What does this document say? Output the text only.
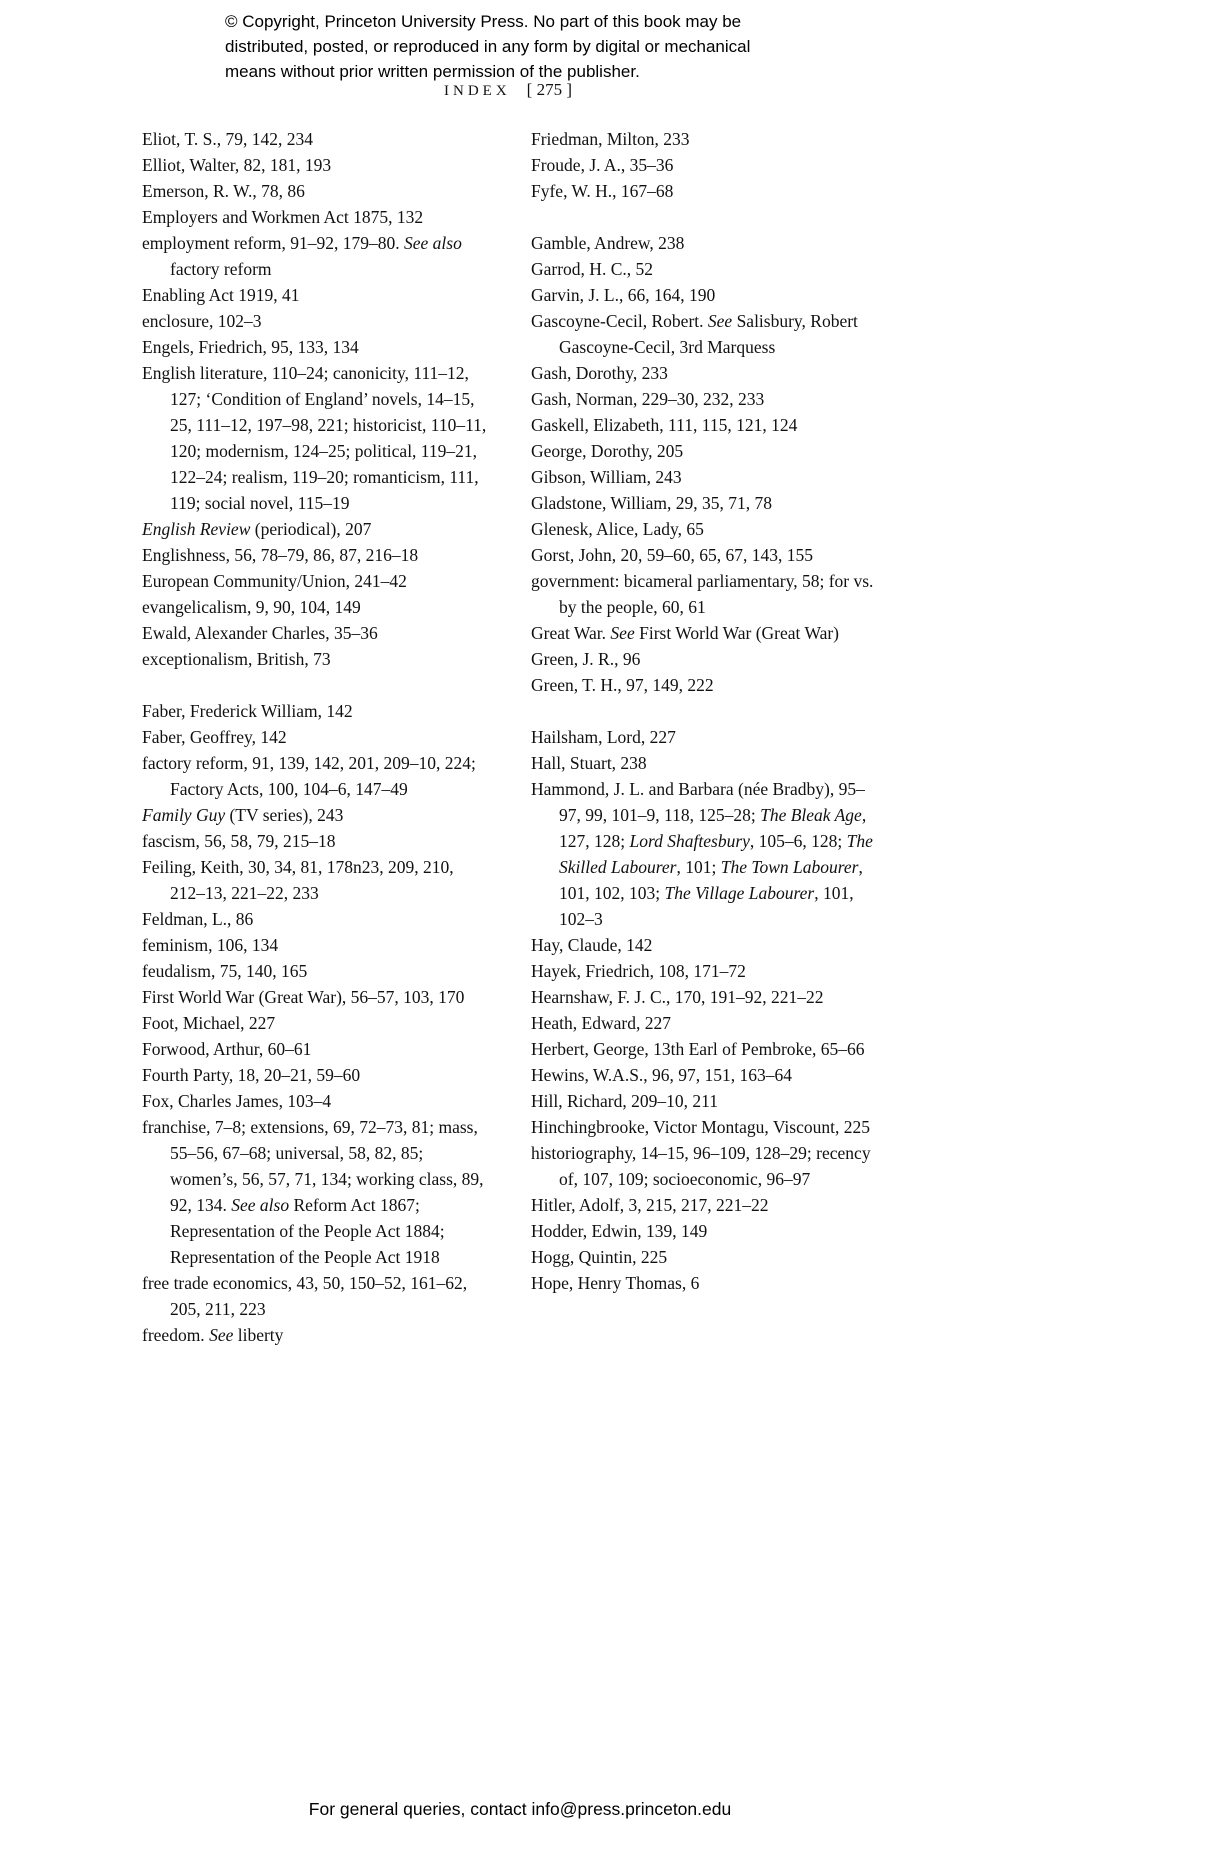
© Copyright, Princeton University Press. No part of this book may be
distributed, posted, or reproduced in any form by digital or mechanical
means without prior written permission of the publisher.
INDEX [ 275 ]
Eliot, T. S., 79, 142, 234
Elliot, Walter, 82, 181, 193
Emerson, R. W., 78, 86
Employers and Workmen Act 1875, 132
employment reform, 91–92, 179–80. See also factory reform
Enabling Act 1919, 41
enclosure, 102–3
Engels, Friedrich, 95, 133, 134
English literature, 110–24; canonicity, 111–12, 127; ‘Condition of England’ novels, 14–15, 25, 111–12, 197–98, 221; historicist, 110–11, 120; modernism, 124–25; political, 119–21, 122–24; realism, 119–20; romanticism, 111, 119; social novel, 115–19
English Review (periodical), 207
Englishness, 56, 78–79, 86, 87, 216–18
European Community/Union, 241–42
evangelicalism, 9, 90, 104, 149
Ewald, Alexander Charles, 35–36
exceptionalism, British, 73
Faber, Frederick William, 142
Faber, Geoffrey, 142
factory reform, 91, 139, 142, 201, 209–10, 224; Factory Acts, 100, 104–6, 147–49
Family Guy (TV series), 243
fascism, 56, 58, 79, 215–18
Feiling, Keith, 30, 34, 81, 178n23, 209, 210, 212–13, 221–22, 233
Feldman, L., 86
feminism, 106, 134
feudalism, 75, 140, 165
First World War (Great War), 56–57, 103, 170
Foot, Michael, 227
Forwood, Arthur, 60–61
Fourth Party, 18, 20–21, 59–60
Fox, Charles James, 103–4
franchise, 7–8; extensions, 69, 72–73, 81; mass, 55–56, 67–68; universal, 58, 82, 85; women’s, 56, 57, 71, 134; working class, 89, 92, 134. See also Reform Act 1867; Representation of the People Act 1884; Representation of the People Act 1918
free trade economics, 43, 50, 150–52, 161–62, 205, 211, 223
freedom. See liberty
Friedman, Milton, 233
Froude, J. A., 35–36
Fyfe, W. H., 167–68
Gamble, Andrew, 238
Garrod, H. C., 52
Garvin, J. L., 66, 164, 190
Gascoyne-Cecil, Robert. See Salisbury, Robert Gascoyne-Cecil, 3rd Marquess
Gash, Dorothy, 233
Gash, Norman, 229–30, 232, 233
Gaskell, Elizabeth, 111, 115, 121, 124
George, Dorothy, 205
Gibson, William, 243
Gladstone, William, 29, 35, 71, 78
Glenesk, Alice, Lady, 65
Gorst, John, 20, 59–60, 65, 67, 143, 155
government: bicameral parliamentary, 58; for vs. by the people, 60, 61
Great War. See First World War (Great War)
Green, J. R., 96
Green, T. H., 97, 149, 222
Hailsham, Lord, 227
Hall, Stuart, 238
Hammond, J. L. and Barbara (née Bradby), 95–97, 99, 101–9, 118, 125–28; The Bleak Age, 127, 128; Lord Shaftesbury, 105–6, 128; The Skilled Labourer, 101; The Town Labourer, 101, 102, 103; The Village Labourer, 101, 102–3
Hay, Claude, 142
Hayek, Friedrich, 108, 171–72
Hearnshaw, F. J. C., 170, 191–92, 221–22
Heath, Edward, 227
Herbert, George, 13th Earl of Pembroke, 65–66
Hewins, W.A.S., 96, 97, 151, 163–64
Hill, Richard, 209–10, 211
Hinchingbrooke, Victor Montagu, Viscount, 225
historiography, 14–15, 96–109, 128–29; recency of, 107, 109; socioeconomic, 96–97
Hitler, Adolf, 3, 215, 217, 221–22
Hodder, Edwin, 139, 149
Hogg, Quintin, 225
Hope, Henry Thomas, 6
For general queries, contact info@press.princeton.edu
